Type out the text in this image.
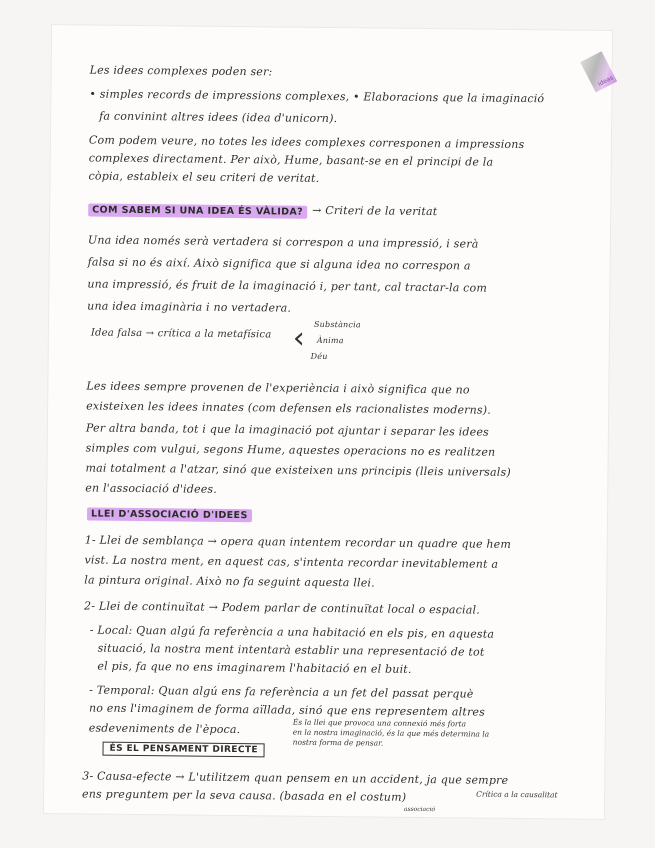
ideas
Les idees complexes poden ser:
• simples records de impressions complexes, • Elaboracions que la imaginació
fa convinint altres idees (idea d'unicorn).
Com podem veure, no totes les idees complexes corresponen a impressions
complexes directament. Per això, Hume, basant-se en el principi de la
còpia, estableix el seu criteri de veritat.
COM SABEM SI UNA IDEA ÉS VÀLIDA? → Criteri de la veritat
Una idea només serà vertadera si correspon a una impressió, i serà
falsa si no és així. Això significa que si alguna idea no correspon a
una impressió, és fruit de la imaginació i, per tant, cal tractar-la com
una idea imaginària i no vertadera.
Idea falsa → crítica a la metafísica ‹ Substància
Ànima
Déu
Les idees sempre provenen de l'experiència i això significa que no
existeixen les idees innates (com defensen els racionalistes moderns).
Per altra banda, tot i que la imaginació pot ajuntar i separar les idees
simples com vulgui, segons Hume, aquestes operacions no es realitzen
mai totalment a l'atzar, sinó que existeixen uns principis (lleis universals)
en l'associació d'idees.
LLEI D'ASSOCIACIÓ D'IDEES
1- Llei de semblança → opera quan intentem recordar un quadre que hem
vist. La nostra ment, en aquest cas, s'intenta recordar inevitablement a
la pintura original. Això no fa seguint aquesta llei.
2- Llei de continuïtat → Podem parlar de continuïtat local o espacial.
- Local: Quan algú fa referència a una habitació en els pis, en aquesta
situació, la nostra ment intentarà establir una representació de tot
el pis, fa que no ens imaginarem l'habitació en el buit.
- Temporal: Quan algú ens fa referència a un fet del passat perquè
no ens l'imaginem de forma aïllada, sinó que ens representem altres
esdeveniments de l'època.	És la llei que provoca una connexió més forta
en la nostra imaginació, és la que més determina la
nostra forma de pensar.
ÉS EL PENSAMENT DIRECTE
3- Causa-efecte → L'utilitzem quan pensem en un accident, ja que sempre
ens preguntem per la seva causa. (basada en el costum)	Crítica a la causalitat
associació
